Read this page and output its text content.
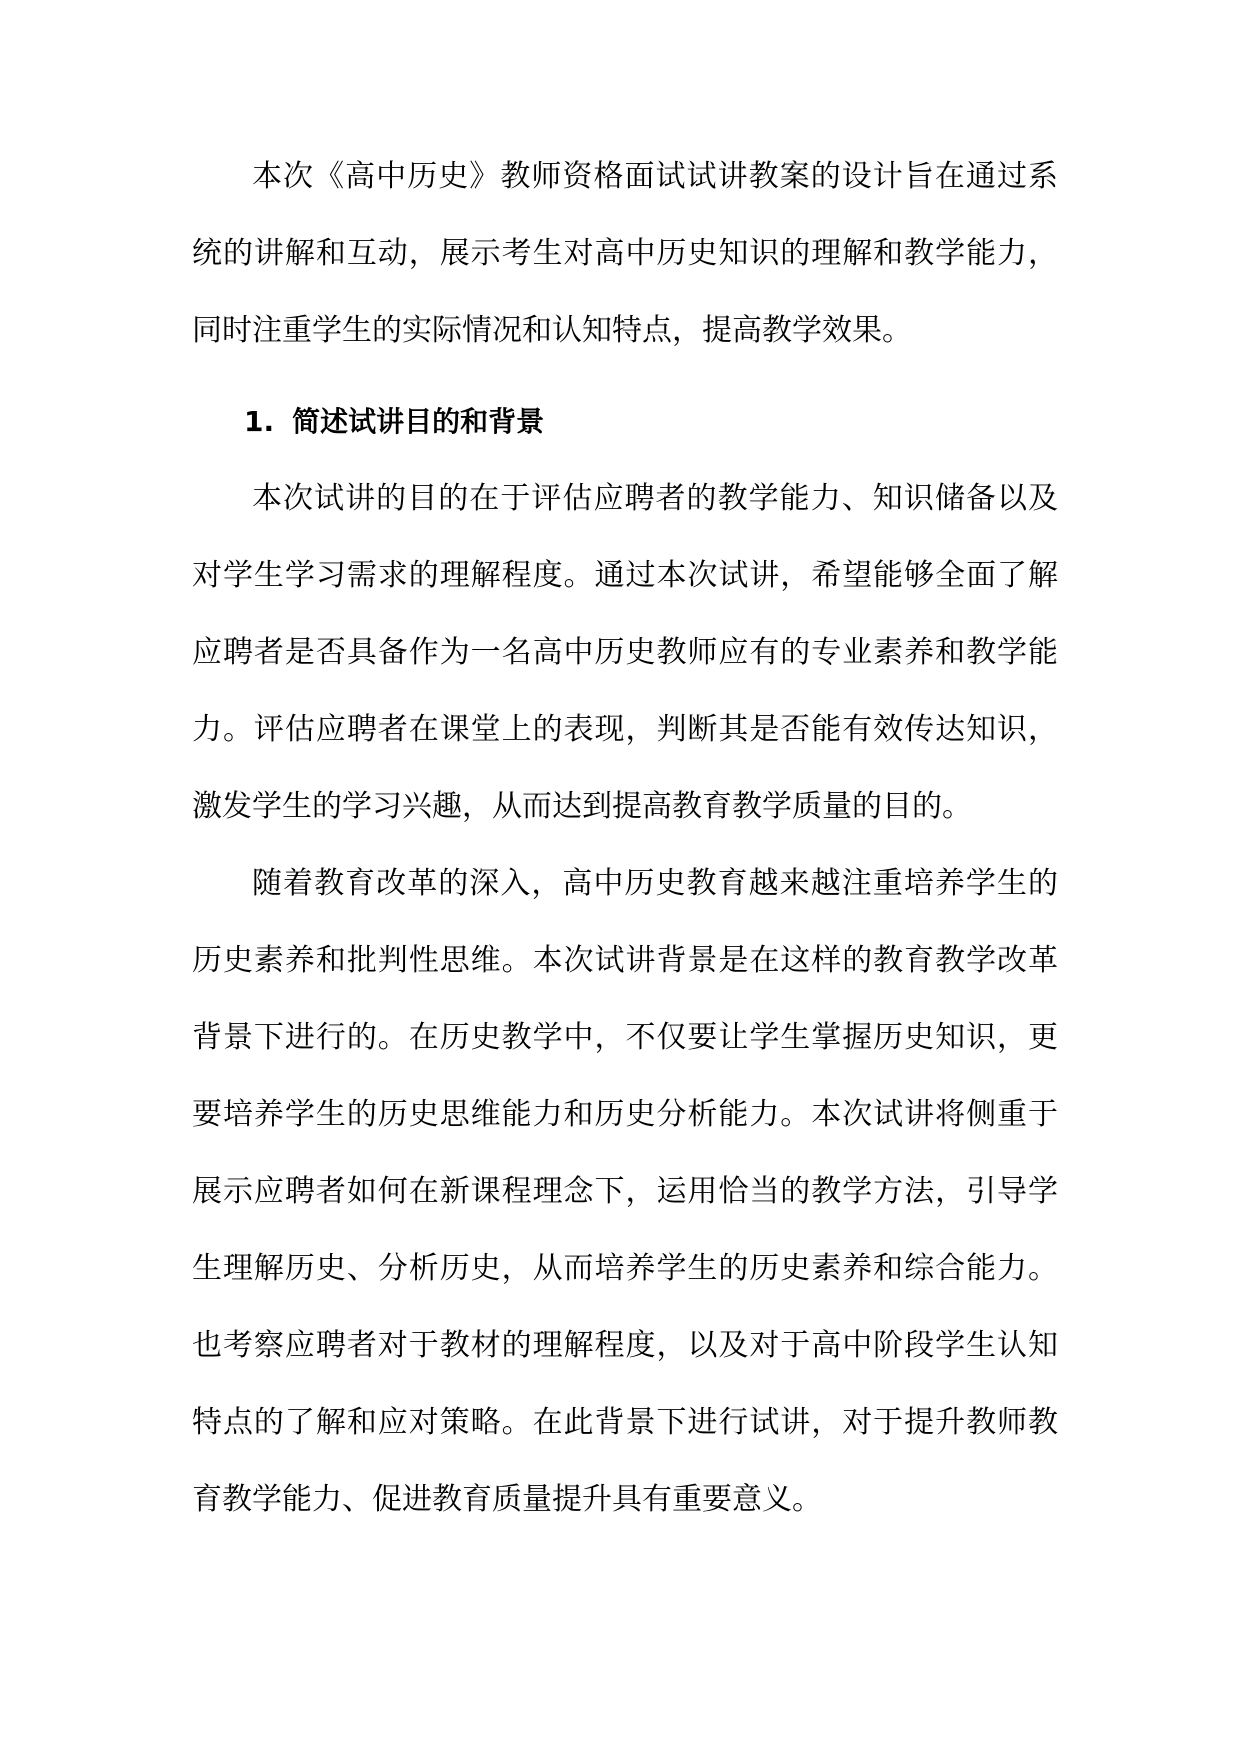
本次《高中历史》教师资格面试试讲教案的设计旨在通过系统的讲解和互动，展示考生对高中历史知识的理解和教学能力，同时注重学生的实际情况和认知特点，提高教学效果。

1. 简述试讲目的和背景

本次试讲的目的在于评估应聘者的教学能力、知识储备以及对学生学习需求的理解程度。通过本次试讲，希望能够全面了解应聘者是否具备作为一名高中历史教师应有的专业素养和教学能力。评估应聘者在课堂上的表现，判断其是否能有效传达知识，激发学生的学习兴趣，从而达到提高教育教学质量的目的。

随着教育改革的深入，高中历史教育越来越注重培养学生的历史素养和批判性思维。本次试讲背景是在这样的教育教学改革背景下进行的。在历史教学中，不仅要让学生掌握历史知识，更要培养学生的历史思维能力和历史分析能力。本次试讲将侧重于展示应聘者如何在新课程理念下，运用恰当的教学方法，引导学生理解历史、分析历史，从而培养学生的历史素养和综合能力。也考察应聘者对于教材的理解程度，以及对于高中阶段学生认知特点的了解和应对策略。在此背景下进行试讲，对于提升教师教育教学能力、促进教育质量提升具有重要意义。
